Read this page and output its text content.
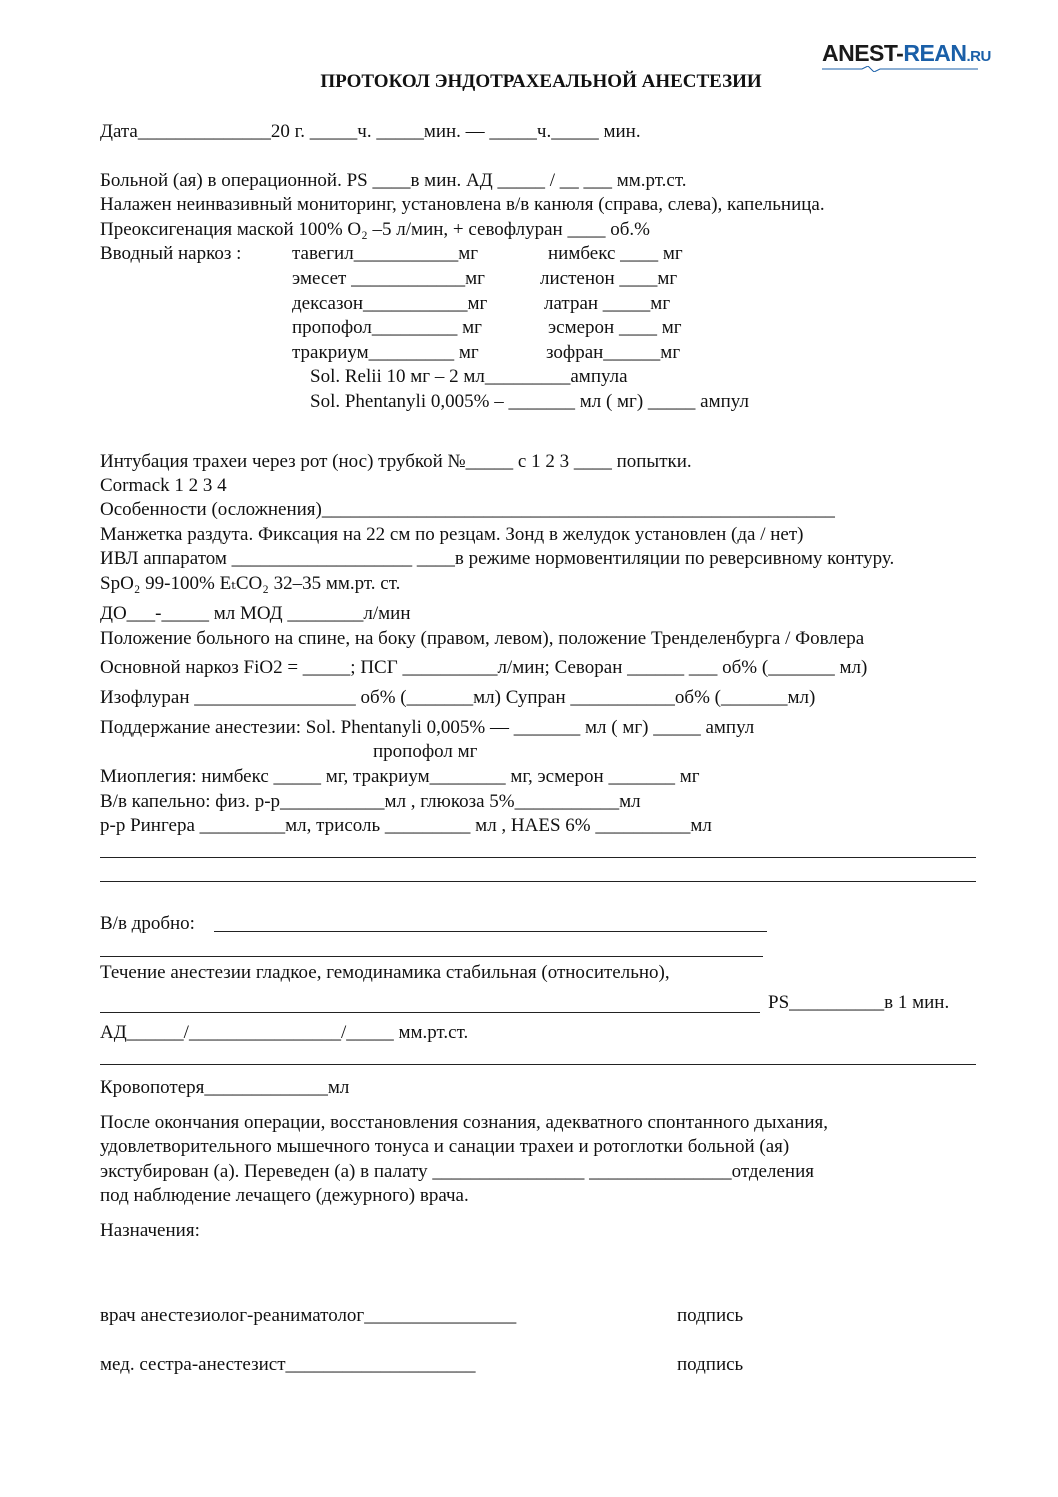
ANEST-REAN.RU
ПРОТОКОЛ ЭНДОТРАХЕАЛЬНОЙ АНЕСТЕЗИИ
Дата______________20 г. _____ч. _____мин. — _____ч._____ мин.
Больной (ая) в операционной. PS ____в мин. АД _____ / __ ___ мм.рт.ст.
Налажен неинвазивный мониторинг, установлена в/в канюля (справа, слева), капельница.
Преоксигенация маской 100% O₂ –5 л/мин, + севофлуран ____ об.%
Вводный наркоз :	тавегил___________мг	нимбекс ____ мг
эмесет ____________мг	листенон ____мг
дексазон___________мг	латран _____мг
пропофол_________ мг	эсмерон ____ мг
тракриум_________ мг	зофран______мг
Sol. Relii 10 мг – 2 мл_________ампула
Sol. Phentanyli 0,005% – _______ мл ( мг) _____ ампул
Интубация трахеи через рот (нос) трубкой №_____ с 1 2 3 ____ попытки.
Cormack 1 2 3 4
Особенности (осложнения)______________________________________________________
Манжетка раздута. Фиксация на 22 см по резцам. Зонд в желудок установлен (да / нет)
ИВЛ аппаратом ___________________ ____в режиме нормовентиляции по реверсивному контуру.
SpO₂ 99-100% EₜCO₂ 32–35 мм.рт. ст.
ДО___-_____ мл МОД ________л/мин
Положение больного на спине, на боку (правом, левом), положение Тренделенбурга / Фовлера
Основной наркоз FiO2 = _____; ПСГ __________л/мин; Севоран ______ ___ об% (_______ мл)
Изофлуран _________________ об% (_______мл) Супран ___________об% (_______мл)
Поддержание анестезии: Sol. Phentanyli 0,005% — _______ мл ( мг) _____ ампул
пропофол мг
Миоплегия: нимбекс _____ мг, тракриум________ мг, эсмерон _______ мг
В/в капельно: физ. р-р___________мл , глюкоза 5%___________мл
р-р Рингера _________мл, трисоль _________ мл , HAES 6% __________мл
В/в дробно:
Течение анестезии гладкое, гемодинамика стабильная (относительно),
PS__________в 1 мин.
АД______/________________/_____ мм.рт.ст.
Кровопотеря_____________мл
После окончания операции, восстановления сознания, адекватного спонтанного дыхания,
удовлетворительного мышечного тонуса и санации трахеи и ротоглотки больной (ая)
экстубирован (а). Переведен (а) в палату ________________ _______________отделения
под наблюдение лечащего (дежурного) врача.
Назначения:
врач анестезиолог-реаниматолог________________	подпись
мед. сестра-анестезист____________________	подпись
